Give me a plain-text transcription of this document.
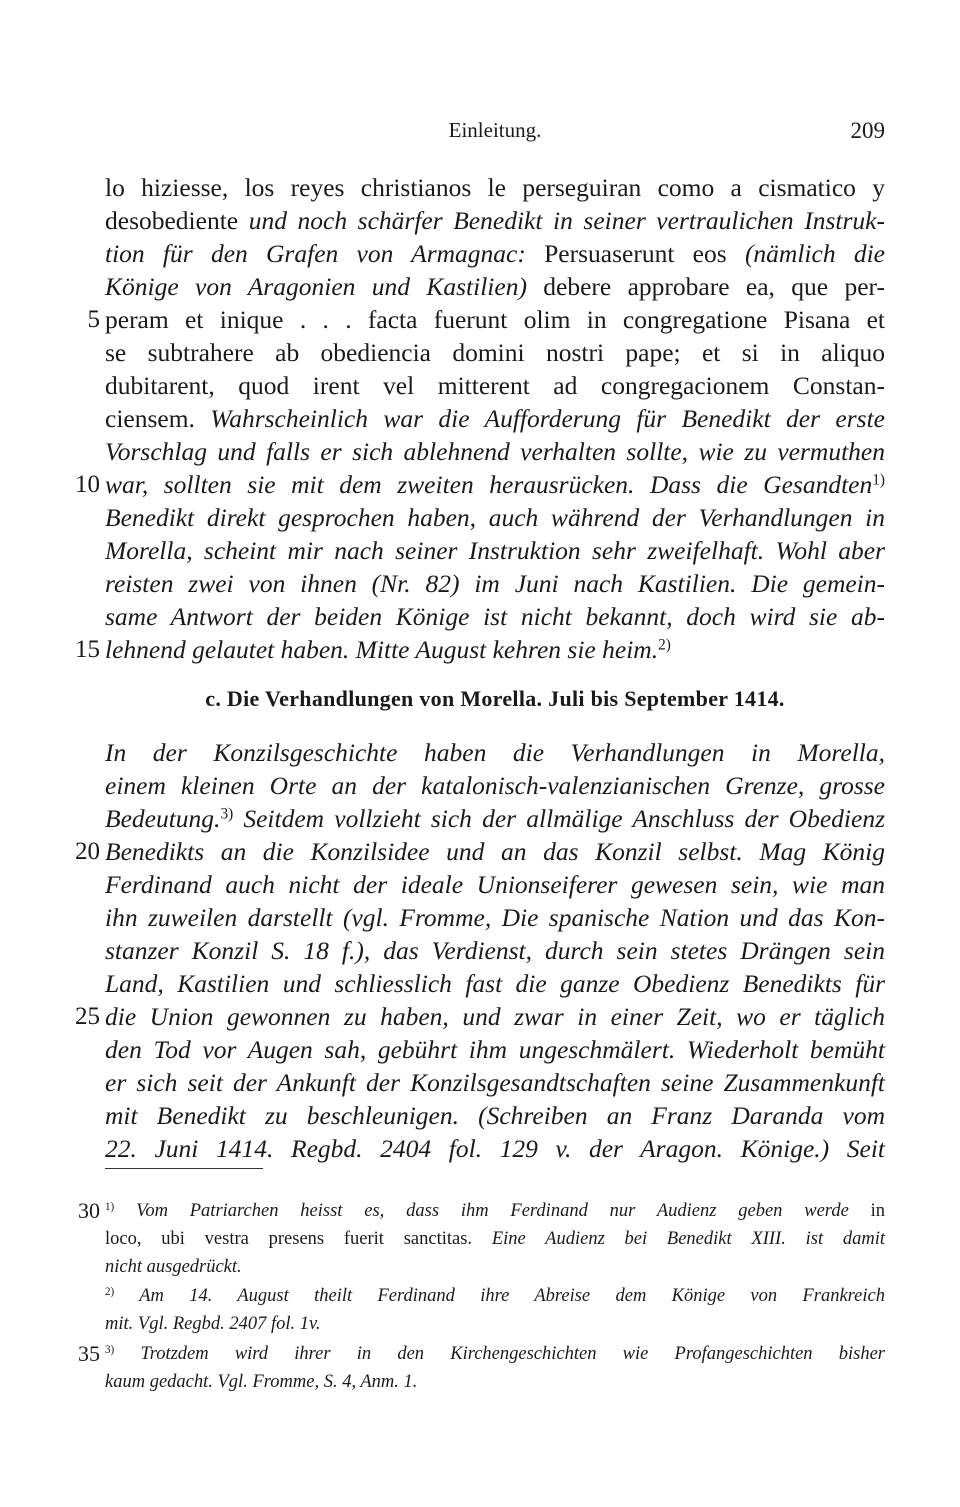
Einleitung.	209
lo hiziesse, los reyes christianos le perseguiran como a cismatico y
desobediente und noch schärfer Benedikt in seiner vertraulichen Instruk-
tion für den Grafen von Armagnac: Persuaserunt eos (nämlich die
Könige von Aragonien und Kastilien) debere approbare ea, que per-
5 peram et inique . . . facta fuerunt olim in congregatione Pisana et
se subtrahere ab obediencia domini nostri pape; et si in aliquo
dubitarent, quod irent vel mitterent ad congregacionem Constan-
ciensem. Wahrscheinlich war die Aufforderung für Benedikt der erste
Vorschlag und falls er sich ablehnend verhalten sollte, wie zu vermuthen
10 war, sollten sie mit dem zweiten herausrücken. Dass die Gesandten$^{1)}$
Benedikt direkt gesprochen haben, auch während der Verhandlungen in
Morella, scheint mir nach seiner Instruktion sehr zweifelhaft. Wohl aber
reisten zwei von ihnen (Nr. 82) im Juni nach Kastilien. Die gemein-
same Antwort der beiden Könige ist nicht bekannt, doch wird sie ab-
15 lehnend gelautet haben. Mitte August kehren sie heim.$^{2)}$
c. Die Verhandlungen von Morella. Juli bis September 1414.
In der Konzilsgeschichte haben die Verhandlungen in Morella,
einem kleinen Orte an der katalonisch-valenzianischen Grenze, grosse
Bedeutung.$^{3)}$ Seitdem vollzieht sich der allmälige Anschluss der Obedienz
20 Benedikts an die Konzilsidee und an das Konzil selbst. Mag König
Ferdinand auch nicht der ideale Unionseiferer gewesen sein, wie man
ihn zuweilen darstellt (vgl. Fromme, Die spanische Nation und das Kon-
stanzer Konzil S. 18 f.), das Verdienst, durch sein stetes Drängen sein
Land, Kastilien und schliesslich fast die ganze Obedienz Benedikts für
25 die Union gewonnen zu haben, und zwar in einer Zeit, wo er täglich
den Tod vor Augen sah, gebührt ihm ungeschmälert. Wiederholt bemüht
er sich seit der Ankunft der Konzilsgesandtschaften seine Zusammenkunft
mit Benedikt zu beschleunigen. (Schreiben an Franz Daranda vom
22. Juni 1414. Regbd. 2404 fol. 129 v. der Aragon. Könige.) Seit
30 $^{1)}$ Vom Patriarchen heisst es, dass ihm Ferdinand nur Audienz geben werde in
loco, ubi vestra presens fuerit sanctitas. Eine Audienz bei Benedikt XIII. ist damit
nicht ausgedrückt.
$^{2)}$ Am 14. August theilt Ferdinand ihre Abreise dem Könige von Frankreich
mit. Vgl. Regbd. 2407 fol. 1v.
35 $^{3)}$ Trotzdem wird ihrer in den Kirchengeschichten wie Profangeschichten bisher
kaum gedacht. Vgl. Fromme, S. 4, Anm. 1.
